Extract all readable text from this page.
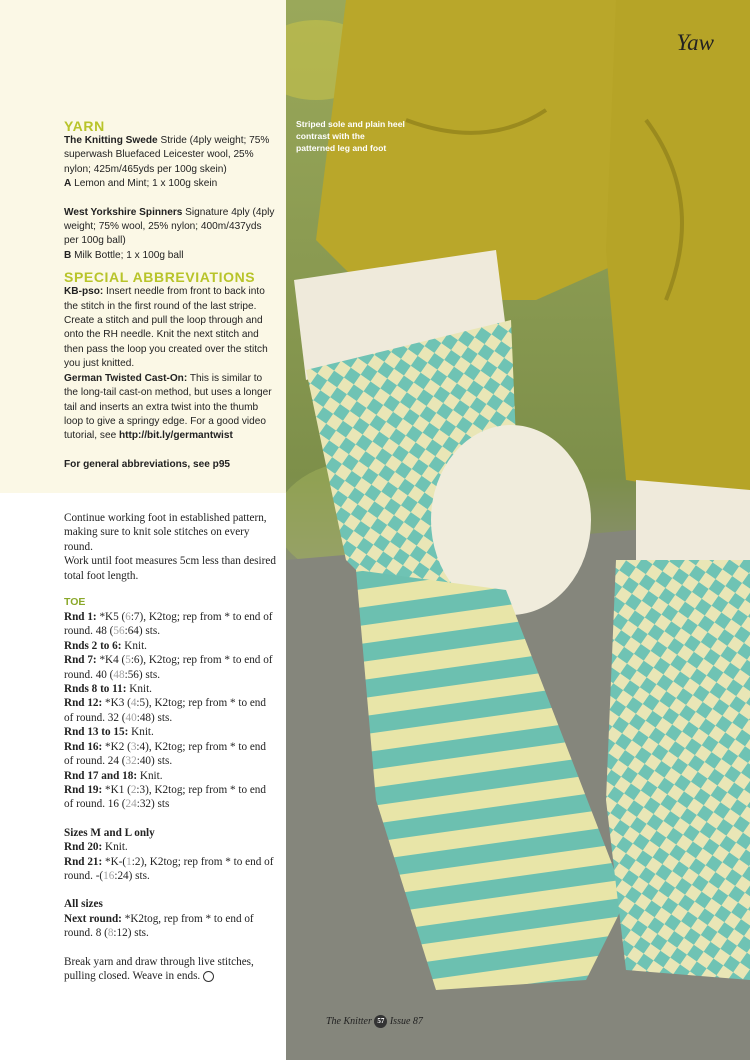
Yaw
Striped sole and plain heel contrast with the patterned leg and foot

YARN

The Knitting Swede Stride (4ply weight; 75% superwash Bluefaced Leicester wool, 25% nylon; 425m/465yds per 100g skein)

A Lemon and Mint; 1 x 100g skein

West Yorkshire Spinners Signature 4ply (4ply weight; 75% wool, 25% nylon; 400m/437yds per 100g ball)

B Milk Bottle; 1 x 100g ball

SPECIAL ABBREVIATIONS

KB-pso: Insert needle from front to back into the stitch in the first round of the last stripe. Create a stitch and pull the loop through and onto the RH needle. Knit the next stitch and then pass the loop you created over the stitch you just knitted.

German Twisted Cast-On: This is similar to the long-tail cast-on method, but uses a longer tail and inserts an extra twist into the thumb loop to give a springy edge. For a good video tutorial, see http://bit.ly/germantwist

For general abbreviations, see p95

Continue working foot in established pattern, making sure to knit sole stitches on every round.

Work until foot measures 5cm less than desired total foot length.

TOE

Rnd 1: *K5 (6:7), K2tog; rep from * to end of round. 48 (56:64) sts.

Rnds 2 to 6: Knit.

Rnd 7: *K4 (5:6), K2tog; rep from * to end of round. 40 (48:56) sts.

Rnds 8 to 11: Knit.

Rnd 12: *K3 (4:5), K2tog; rep from * to end of round. 32 (40:48) sts.

Rnd 13 to 15: Knit.

Rnd 16: *K2 (3:4), K2tog; rep from * to end of round. 24 (32:40) sts.

Rnd 17 and 18: Knit.

Rnd 19: *K1 (2:3), K2tog; rep from * to end of round. 16 (24:32) sts

Sizes M and L only

Rnd 20: Knit.

Rnd 21: *K-(1:2), K2tog; rep from * to end of round. -(16:24) sts.

All sizes

Next round: *K2tog, rep from * to end of round. 8 (8:12) sts.

Break yarn and draw through live stitches, pulling closed. Weave in ends.

The Knitter 57 Issue 87
